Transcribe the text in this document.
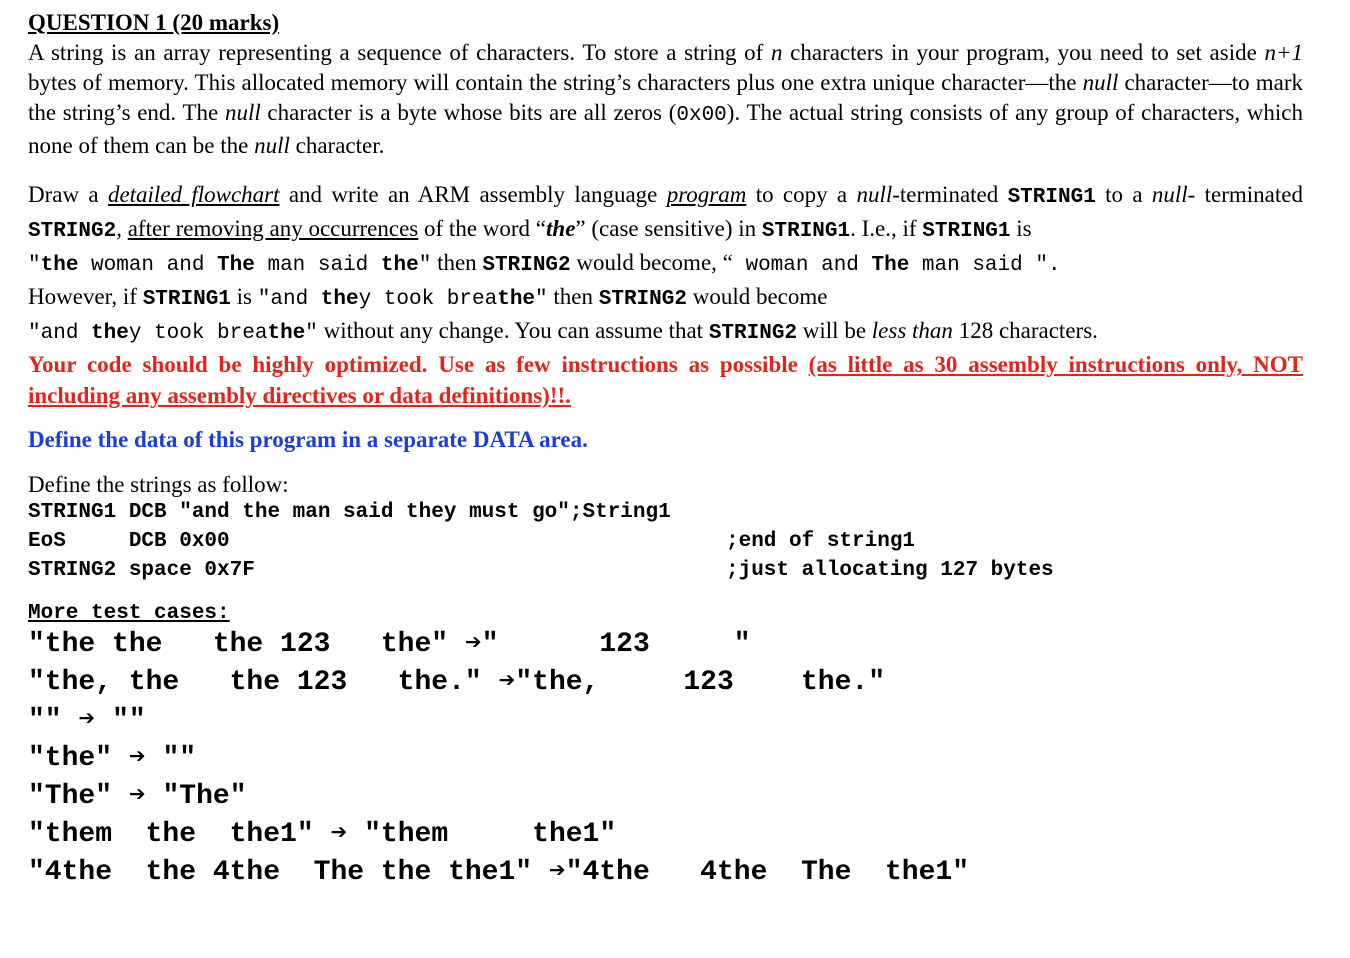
QUESTION 1 (20 marks)
A string is an array representing a sequence of characters. To store a string of n characters in your program, you need to set aside n+1 bytes of memory. This allocated memory will contain the string’s characters plus one extra unique character—the null character—to mark the string’s end. The null character is a byte whose bits are all zeros (0x00). The actual string consists of any group of characters, which none of them can be the null character.
Draw a detailed flowchart and write an ARM assembly language program to copy a null-terminated STRING1 to a null- terminated STRING2, after removing any occurrences of the word “the” (case sensitive) in STRING1. I.e., if STRING1 is
"the woman and The man said the" then STRING2 would become, “ woman and The man said ".
However, if STRING1 is "and they took breathe" then STRING2 would become
"and they took breathe" without any change. You can assume that STRING2 will be less than 128 characters.
Your code should be highly optimized. Use as few instructions as possible (as little as 30 assembly instructions only, NOT including any assembly directives or data definitions)!!.
Define the data of this program in a separate DATA area.
Define the strings as follow:
STRING1 DCB "and the man said they must go";String1
EoS     DCB 0x00	;end of string1
STRING2 space 0x7F	;just allocating 127 bytes
More test cases:
"the the   the 123   the" ➔"      123     "
"the, the   the 123   the." ➔"the,     123    the."
"" ➔ ""
"the" ➔ ""
"The" ➔ "The"
"them  the  the1" ➔ "them     the1"
"4the  the 4the  The the the1" ➔"4the   4the  The  the1"
